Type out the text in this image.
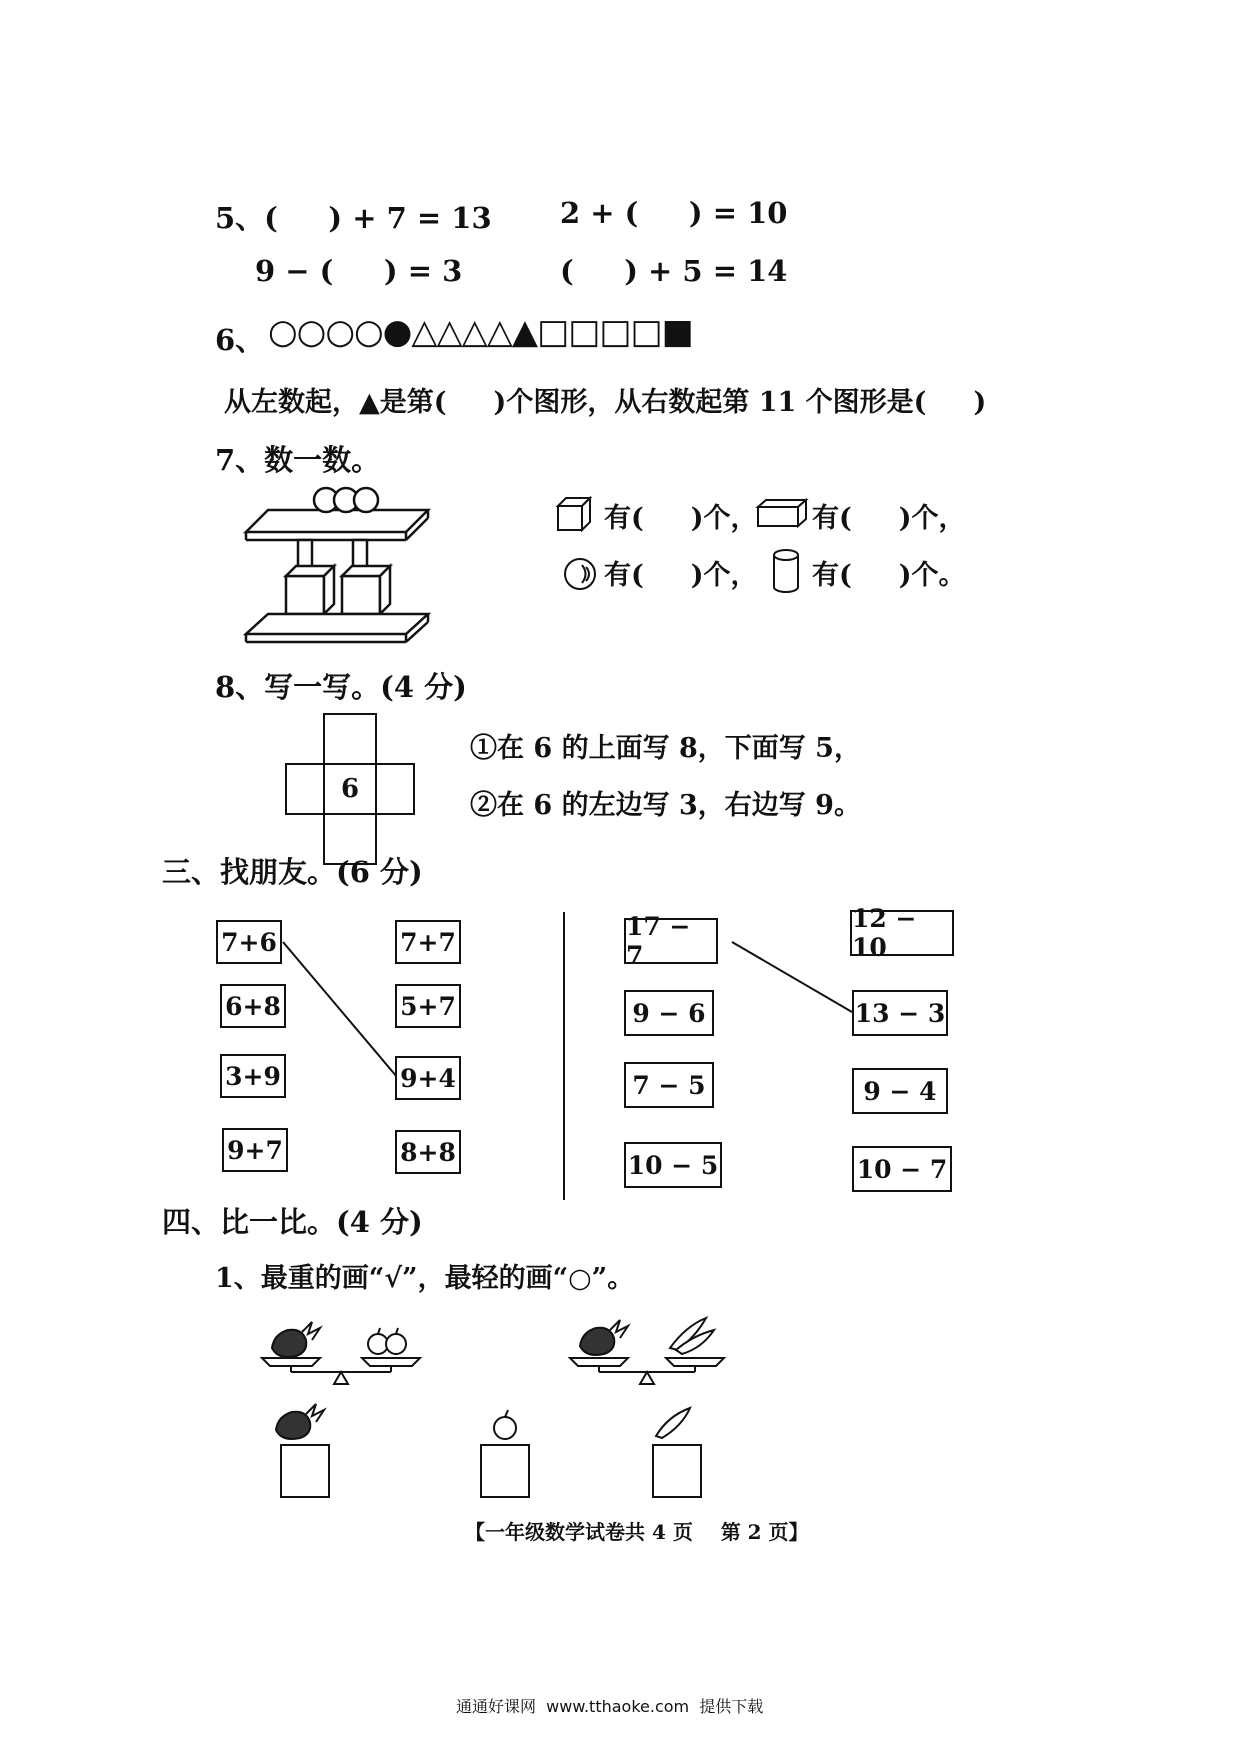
5、(     ) + 7 = 13 2 + (     ) = 10
9 − (     ) = 3	(     ) + 5 = 14
6、 ○○○○●△△△△▲□□□□■
从左数起，▲是第(     )个图形，从右数起第 11 个图形是(     )
7、数一数。
有(     )个， 有(     )个，
有(     )个， 有(     )个。
8、写一写。(4 分)
6
①在 6 的上面写 8，下面写 5，
②在 6 的左边写 3，右边写 9。
三、找朋友。(6 分)
7+6
6+8
3+9
9+7
7+7
5+7
9+4
8+8
17 − 7
9 − 6
7 − 5
10 − 5
12 − 10
13 − 3
9 − 4
10 − 7
四、比一比。(4 分)
1、最重的画“√”，最轻的画“○”。
【一年级数学试卷共 4 页    第 2 页】
通通好课网  www.tthaoke.com  提供下载
